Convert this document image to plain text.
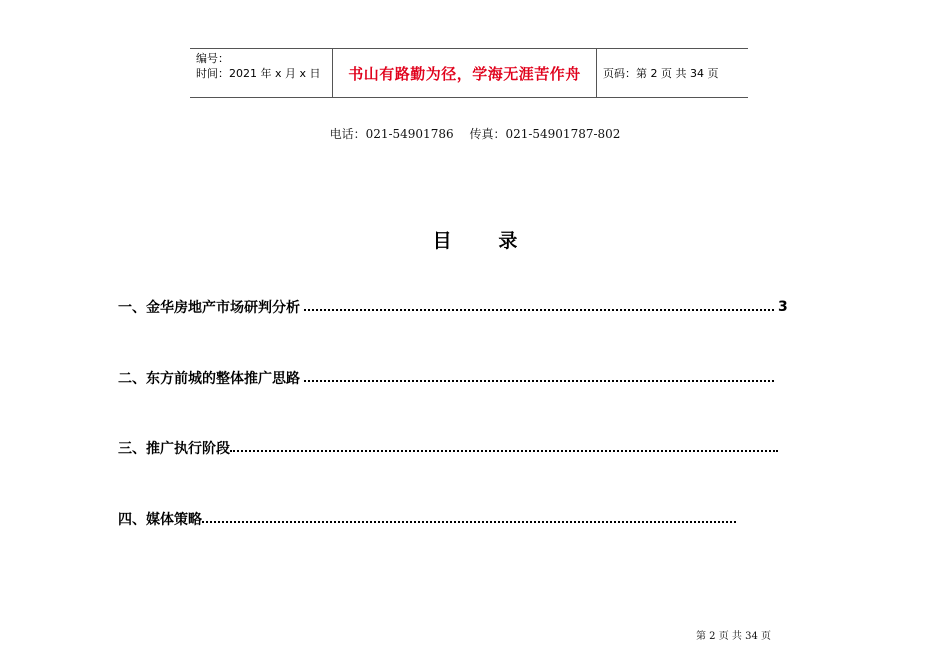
编号：
时间：2021 年 x 月 x 日	书山有路勤为径，学海无涯苦作舟 页码：第 2 页 共 34 页
电话：021-54901786 传真：021-54901787-802
目 录
一、金华房地产市场研判分析	3
二、东方前城的整体推广思路
三、推广执行阶段
四、媒体策略
第 2 页 共 34 页
